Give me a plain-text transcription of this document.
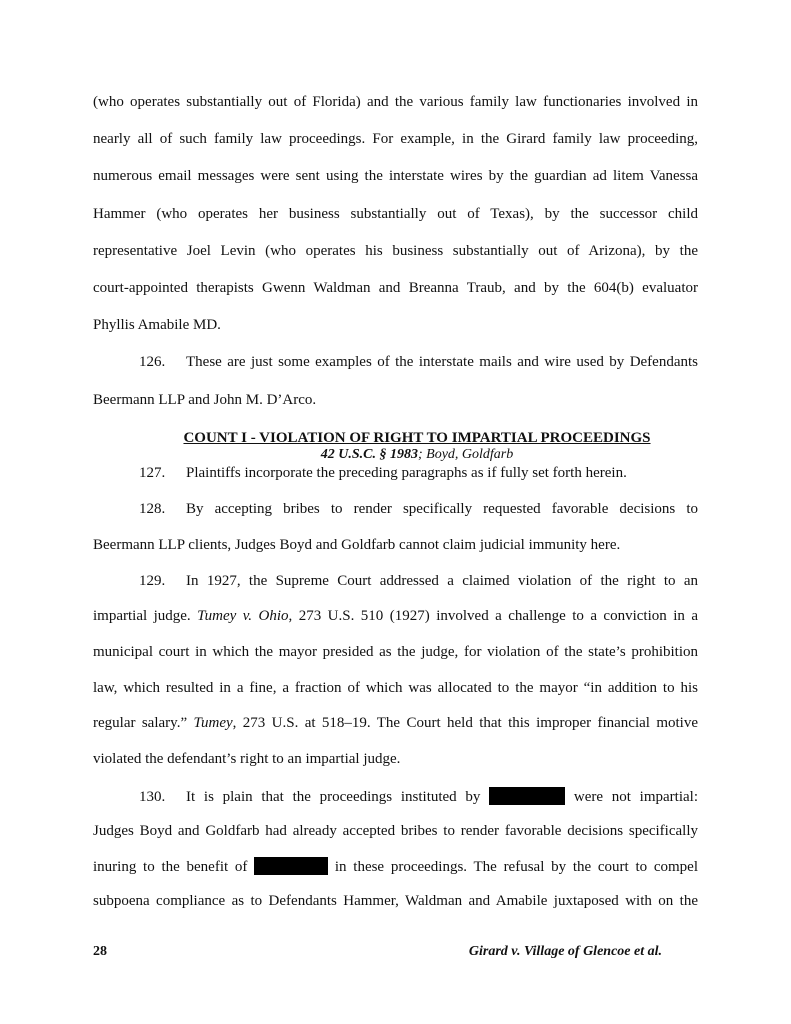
(who operates substantially out of Florida) and the various family law functionaries involved in
nearly all of such family law proceedings. For example, in the Girard family law proceeding,
numerous email messages were sent using the interstate wires by the guardian ad litem Vanessa
Hammer (who operates her business substantially out of Texas), by the successor child
representative Joel Levin (who operates his business substantially out of Arizona), by the
court-appointed therapists Gwenn Waldman and Breanna Traub, and by the 604(b) evaluator
Phyllis Amabile MD.
126. These are just some examples of the interstate mails and wire used by Defendants
Beermann LLP and John M. D’Arco.
COUNT I - VIOLATION OF RIGHT TO IMPARTIAL PROCEEDINGS
42 U.S.C. § 1983; Boyd, Goldfarb
127. Plaintiffs incorporate the preceding paragraphs as if fully set forth herein.
128. By accepting bribes to render specifically requested favorable decisions to
Beermann LLP clients, Judges Boyd and Goldfarb cannot claim judicial immunity here.
129. In 1927, the Supreme Court addressed a claimed violation of the right to an
impartial judge. Tumey v. Ohio, 273 U.S. 510 (1927) involved a challenge to a conviction in a
municipal court in which the mayor presided as the judge, for violation of the state’s prohibition
law, which resulted in a fine, a fraction of which was allocated to the mayor “in addition to his
regular salary.” Tumey, 273 U.S. at 518–19. The Court held that this improper financial motive
violated the defendant’s right to an impartial judge.
130. It is plain that the proceedings instituted by	were not impartial:
Judges Boyd and Goldfarb had already accepted bribes to render favorable decisions specifically
inuring to the benefit of	in these proceedings. The refusal by the court to compel
subpoena compliance as to Defendants Hammer, Waldman and Amabile juxtaposed with on the
28	Girard v. Village of Glencoe et al.
